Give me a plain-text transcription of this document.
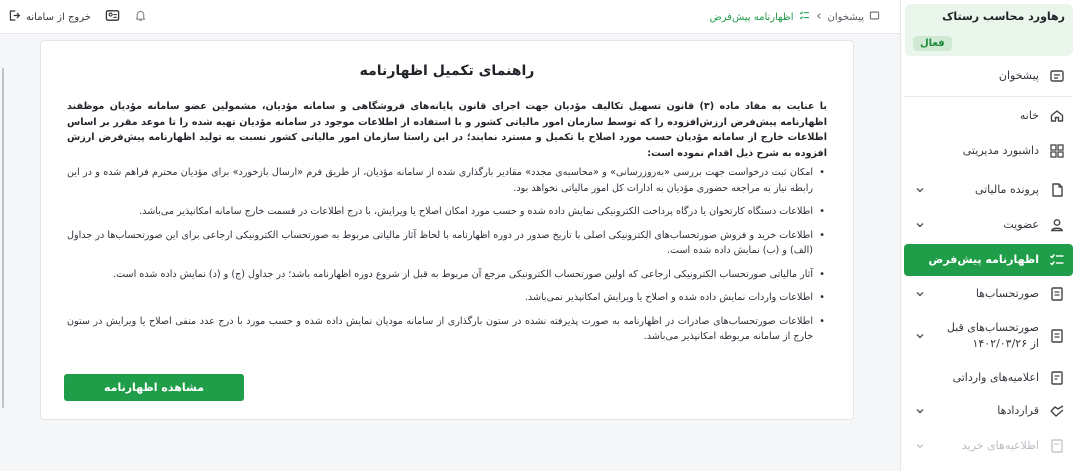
رهاورد محاسب رستاک
فعال
پیشخوان
خانه
داشبورد مدیریتی
پرونده مالیاتی
عضویت
اظهارنامه پیش‌فرض
صورتحساب‌ها
صورتحساب‌های قبل از ۱۴۰۲/۰۳/۲۶
اعلامیه‌های وارداتی
قراردادها
اطلاعیه‌های خرید
پیشخوان
اظهارنامه پیش‌فرض
خروج از سامانه
راهنمای تکمیل اظهارنامه

با عنایت به مفاد ماده (۳) قانون تسهیل تکالیف مؤدیان جهت اجرای قانون پایانه‌های فروشگاهی و سامانه مؤدیان، مشمولین عضو سامانه مؤدیان موظفند اظهارنامه پیش‌فرض ارزش‌افزوده را که توسط سازمان امور مالیاتی کشور و با استفاده از اطلاعات موجود در سامانه مؤدیان تهیه شده را تا موعد مقرر بر اساس اطلاعات خارج از سامانه مؤدیان حسب مورد اصلاح یا تکمیل و مسترد نمایند؛ در این راستا سازمان امور مالیاتی کشور نسبت به تولید اظهارنامه پیش‌فرض ارزش افزوده به شرح ذیل اقدام نموده است:

• امکان ثبت درخواست جهت بررسی «به‌روزرسانی» و «محاسبه‌ی مجدد» مقادیر بارگذاری شده از سامانه مؤدیان، از طریق فرم «ارسال بازخورد» برای مؤدیان محترم فراهم شده و در این رابطه نیاز به مراجعه حضوری مؤدیان به ادارات کل امور مالیاتی نخواهد بود.
• اطلاعات دستگاه کارتخوان یا درگاه پرداخت الکترونیکی نمایش داده شده و حسب مورد امکان اصلاح یا ویرایش، با درج اطلاعات در قسمت خارج سامانه امکانپذیر می‌باشد.
• اطلاعات خرید و فروش صورتحساب‌های الکترونیکی اصلی با تاریخ صدور در دوره اظهارنامه با لحاظ آثار مالیاتی مربوط به صورتحساب الکترونیکی ارجاعی برای این صورتحساب‌ها در جداول (الف) و (ب) نمایش داده شده است.
• آثار مالیاتی صورتحساب الکترونیکی ارجاعی که اولین صورتحساب الکترونیکی مرجع آن مربوط به قبل از شروع دوره اظهارنامه باشد؛ در جداول (ج) و (د) نمایش داده شده است.
• اطلاعات واردات نمایش داده شده و اصلاح یا ویرایش امکانپذیر نمی‌باشد.
• اطلاعات صورتحساب‌های صادرات در اظهارنامه به صورت پذیرفته نشده در ستون بارگذاری از سامانه مودیان نمایش داده شده و حسب مورد با درج عدد منفی اصلاح یا ویرایش در ستون خارج از سامانه مربوطه امکانپذیر می‌باشد.
مشاهده اظهارنامه
